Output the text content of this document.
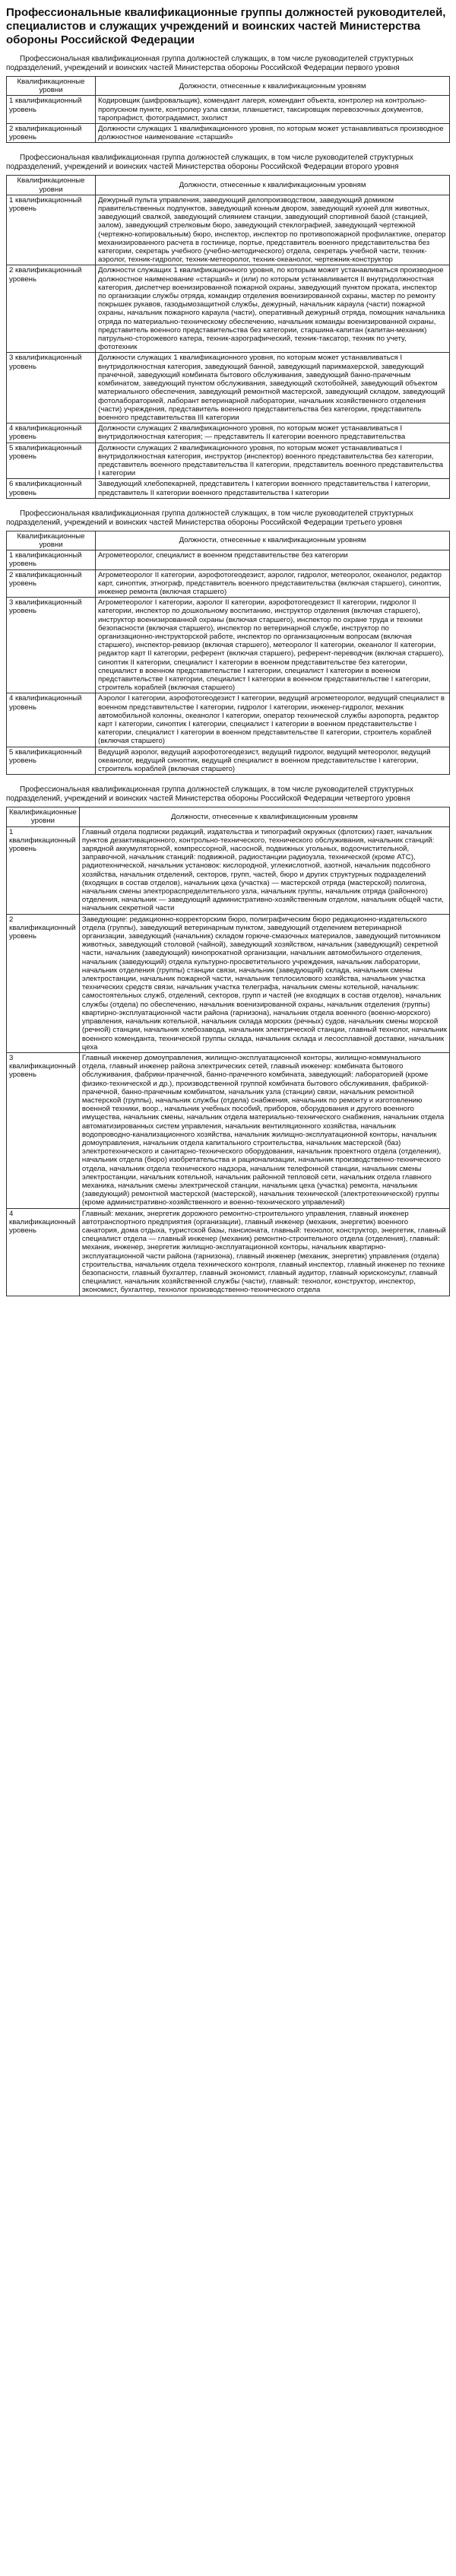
Профессиональные квалификационные группы должностей руководителей, специалистов и служащих учреждений и воинских частей Министерства обороны Российской Федерации

Профессиональная квалификационная группа должностей служащих, в том числе руководителей структурных подразделений, учреждений и воинских частей Министерства обороны Российской Федерации первого уровня

Квалификационные уровни	Должности, отнесенные к квалификационным уровням
1 квалификационный уровень	Кодировщик (шифровальщик), комендант лагеря, комендант объекта, контролер на контрольно-пропускном пункте, контролер узла связи, планшетист, таксировщик перевозочных документов, таропрафист, фотоградамист, эхолист
2 квалификационный уровень	Должности служащих 1 квалификационного уровня, по которым может устанавливаться производное должностное наименование «старший»

Профессиональная квалификационная группа должностей служащих, в том числе руководителей структурных подразделений, учреждений и воинских частей Министерства обороны Российской Федерации второго уровня

Квалификационные уровни	Должности, отнесенные к квалификационным уровням
1 квалификационный уровень	Дежурный пульта управления, заведующий делопроизводством, заведующий домиком правительственных подпунктов, заведующий конным двором, заведующий кухней для животных, заведующий свалкой, заведующий слиянием станции, заведующий спортивной базой (станцией, залом), заведующий стрелковым бюро, заведующий стеклографией, заведующий чертежной (чертежно-копировальным) бюро, инспектор, инспектор по противопожарной профилактике, оператор механизированного расчета в гостинице, портье, представитель военного представительства без категории, секретарь учебного (учебно-методического) отдела, секретарь учебной части, техник-аэролог, техник-гидролог, техник-метеоролог, техник-океанолог, чертежник-конструктор
2 квалификационный уровень	Должности служащих 1 квалификационного уровня, по которым может устанавливаться производное должностное наименование «старший» и (или) по которым устанавливается II внутридолжностная категория, диспетчер военизированной пожарной охраны, заведующий пунктом проката, инспектор по организации службы отряда, командир отделения военизированной охраны, мастер по ремонту покрышек рукавов, газодымозащитной службы, дежурный, начальник караула (части) пожарной охраны, начальник пожарного караула (части), оперативный дежурный отряда, помощник начальника отряда по материально-техническому обеспечению, начальник команды военизированной охраны, представитель военного представительства без категории, старшина-капитан (капитан-механик) патрульно-сторожевого катера, техник-аэрографический, техник-таксатор, техник по учету, фототехник
3 квалификационный уровень	Должности служащих 1 квалификационного уровня, по которым может устанавливаться I внутридолжностная категория, заведующий банной, заведующий парикмахерской, заведующий прачечной, заведующий комбината бытового обслуживания, заведующий банно-прачечным комбинатом, заведующий пунктом обслуживания, заведующий скотобойней, заведующий объектом материального обеспечения, заведующий ремонтной мастерской, заведующий складом, заведующий фотолабораторией, лаборант ветеринарной лаборатории, начальник хозяйственного отделения (части) учреждения, представитель военного представительства без категории, представитель военного представительства III категории
4 квалификационный уровень	Должности служащих 2 квалификационного уровня, по которым может устанавливаться I внутридолжностная категория; — представитель II категории военного представительства
5 квалификационный уровень	Должности служащих 2 квалификационного уровня, по которым может устанавливаться I внутридолжностная категория, инструктор (инспектор) военного представительства без категории, представитель военного представительства II категории, представитель военного представительства I категории
6 квалификационный уровень	Заведующий хлебопекарней, представитель I категории военного представительства I категории, представитель II категории военного представительства I категории

Профессиональная квалификационная группа должностей служащих, в том числе руководителей структурных подразделений, учреждений и воинских частей Министерства обороны Российской Федерации третьего уровня

Квалификационные уровни	Должности, отнесенные к квалификационным уровням
1 квалификационный уровень	Агрометеоролог, специалист в военном представительстве без категории
2 квалификационный уровень	Агрометеоролог II категории, аэрофотогеодезист, аэролог, гидролог, метеоролог, океанолог, редактор карт, синоптик, этнограф, представитель военного представительства (включая старшего), синоптик, инженер ремонта (включая старшего)
3 квалификационный уровень	Агрометеоролог I категории, аэролог II категории, аэрофотогеодезист II категории, гидролог II категории, инспектор по дошкольному воспитанию, инструктор отделения (включая старшего), инструктор военизированной охраны (включая старшего), инспектор по охране труда и техники безопасности (включая старшего), инспектор по ветеринарной службе, инструктор по организационно-инструкторской работе, инспектор по организационным вопросам (включая старшего), инспектор-ревизор (включая старшего), метеоролог II категории, океанолог II категории, редактор карт II категории, референт (включая старшего), референт-переводчик (включая старшего), синоптик II категории, специалист I категории в военном представительстве без категории, специалист в военном представительстве I категории, специалист I категории в военном представительстве I категории, специалист I категории в военном представительстве I категории, строитель кораблей (включая старшего)
4 квалификационный уровень	Аэролог I категории, аэрофотогеодезист I категории, ведущий агрометеоролог, ведущий специалист в военном представительстве I категории, гидролог I категории, инженер-гидролог, механик автомобильной колонны, океанолог I категории, оператор технической службы аэропорта, редактор карт I категории, синоптик I категории, специалист I категории в военном представительстве I категории, специалист I категории в военном представительстве II категории, строитель кораблей (включая старшего)
5 квалификационный уровень	Ведущий аэролог, ведущий аэрофотогеодезист, ведущий гидролог, ведущий метеоролог, ведущий океанолог, ведущий синоптик, ведущий специалист в военном представительстве I категории, строитель кораблей (включая старшего)

Профессиональная квалификационная группа должностей служащих, в том числе руководителей структурных подразделений, учреждений и воинских частей Министерства обороны Российской Федерации четвертого уровня

Квалификационные уровни	Должности, отнесенные к квалификационным уровням
1 квалификационный уровень	Главный отдела подписки редакций, издательства и типографий окружных (флотских) газет, начальник пунктов дезактивационного, контрольно-технического, технического обслуживания, начальник станций: зарядной аккумуляторной, компрессорной, насосной, подвижных угольных, водоочистительной, заправочной, начальник станций: подвижной, радиостанции радиоузла, технической (кроме АТС), радиотехнической, начальник установок: кислородной, углекислотной, азотной, начальник подсобного хозяйства, начальник отделений, секторов, групп, частей, бюро и других структурных подразделений (входящих в состав отделов), начальник цеха (участка) — мастерской отряда (мастерской) полигона, начальник смены электрораспределительного узла, начальник группы, начальник отряда (районного) отделения, начальник — заведующий административно-хозяйственным отделом, начальник общей части, начальник секретной части
2 квалификационный уровень	Заведующие: редакционно-корректорским бюро, полиграфическим бюро редакционно-издательского отдела (группы), заведующий ветеринарным пунктом, заведующий отделением ветеринарной организации, заведующий (начальник) складом горюче-смазочных материалов, заведующий питомником животных, заведующий столовой (чайной), заведующий хозяйством, начальник (заведующий) секретной части, начальник (заведующий) кинопрокатной организации, начальник автомобильного отделения, начальник (заведующий) отдела культурно-просветительного учреждения, начальник лаборатории, начальник отделения (группы) станции связи, начальник (заведующий) склада, начальник смены электростанции, начальник пожарной части, начальник теплосилового хозяйства, начальник участка технических средств связи, начальник участка телеграфа, начальник смены котельной, начальник: самостоятельных служб, отделений, секторов, групп и частей (не входящих в состав отделов), начальник службы (отдела) по обеспечению, начальник военизированной охраны, начальник отделения (группы) квартирно-эксплуатационной части района (гарнизона), начальник отдела военного (военно-морского) управления, начальник котельной, начальник склада морских (речных) судов, начальник смены морской (речной) станции, начальник хлебозавода, начальник электрической станции, главный технолог, начальник военного коменданта, технической группы склада, начальник склада и лесосплавной доставки, начальник цеха
3 квалификационный уровень	Главный инженер домоуправления, жилищно-эксплуатационной конторы, жилищно-коммунального отдела, главный инженер района электрических сетей, главный инженер: комбината бытового обслуживания, фабрики-прачечной, банно-прачечного комбината, заведующий: лабораторией (кроме физико-технической и др.), производственной группой комбината бытового обслуживания, фабрикой-прачечной, банно-прачечным комбинатом, начальник узла (станции) связи, начальник ремонтной мастерской (группы), начальник службы (отдела) снабжения, начальник по ремонту и изготовлению военной техники, воор., начальник учебных пособий, приборов, оборудования и другого военного имущества, начальник смены, начальник отдела материально-технического снабжения, начальник отдела автоматизированных систем управления, начальник вентиляционного хозяйства, начальник водопроводно-канализационного хозяйства, начальник жилищно-эксплуатационной конторы, начальник домоуправления, начальник отдела капитального строительства, начальник мастерской (баз) электротехнического и санитарно-технического оборудования, начальник проектного отдела (отделения), начальник отдела (бюро) изобретательства и рационализации, начальник производственно-технического отдела, начальник отдела технического надзора, начальник телефонной станции, начальник смены электростанции, начальник котельной, начальник районной тепловой сети, начальник отдела главного механика, начальник смены электрической станции, начальник цеха (участка) ремонта, начальник (заведующий) ремонтной мастерской (мастерской), начальник технической (электротехнической) группы (кроме административно-хозяйственного и военно-технического управлений)
4 квалификационный уровень	Главный: механик, энергетик дорожного ремонтно-строительного управления, главный инженер автотранспортного предприятия (организации), главный инженер (механик, энергетик) военного санатория, дома отдыха, туристской базы, пансионата, главный: технолог, конструктор, энергетик, главный специалист отдела — главный инженер (механик) ремонтно-строительного отдела (отделения), главный: механик, инженер, энергетик жилищно-эксплуатационной конторы, начальник квартирно-эксплуатационной части района (гарнизона), главный инженер (механик, энергетик) управления (отдела) строительства, начальник отдела технического контроля, главный инспектор, главный инженер по технике безопасности, главный бухгалтер, главный экономист, главный аудитор, главный юрисконсульт, главный специалист, начальник хозяйственной службы (части), главный: технолог, конструктор, инспектор, экономист, бухгалтер, технолог производственно-технического отдела
